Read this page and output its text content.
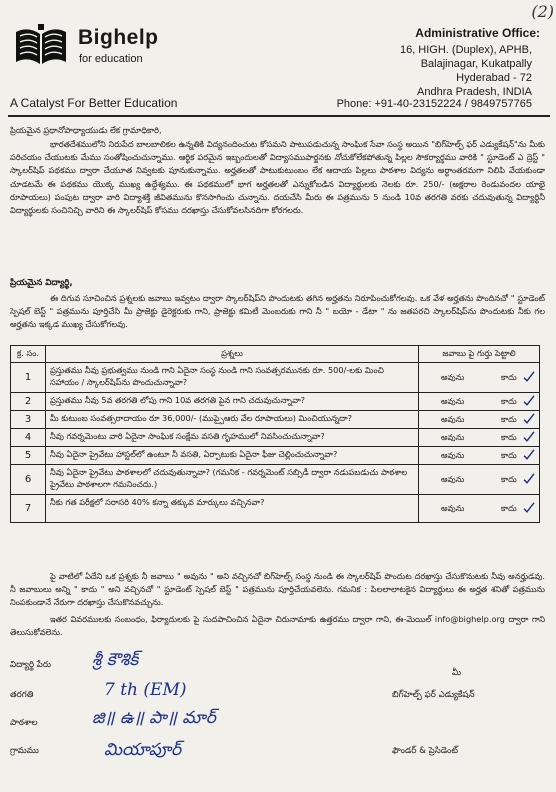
Bighelp
for education
A Catalyst For Better Education
(2)
Administrative Office:
16, HIGH. (Duplex), APHB,
Balajinagar, Kukatpally
Hyderabad - 72
Andhra Pradesh, INDIA
Phone: +91-40-23152224 / 9849757765
ప్రియమైన ప్రధానోపాధ్యాయుడు లేక గ్రామాధికారి,
భారతదేశములోని నిరుపేద బాలబాలికల ఉన్నతికి విద్యనందించుట కోసమని పాటుపడుచున్న సాంఘిక సేవా సంస్థ అయిన "బిగ్‌హెల్ప్ ఫర్ ఎడ్యుకేషన్"ను మీకు పరిచయం చేయుటకు మేము సంతోషించుచున్నాము. ఆర్థిక పరమైన ఇబ్బందులతో విద్యాసముపార్జనకు నోచుకోలేకపోతున్న పిల్లల సౌకర్యార్థము వారికి " స్టూడెంట్ ఎ ద్రెస్ట్ " స్కాలర్‌షిప్ పథకము ద్వారా చేయూత నివ్వటకు పూనుకున్నాము. అర్హతలతో పాటుకుటుంబం లేక ఆదాయ పిల్లలు పాఠశాల విద్యను అర్థాంతరమగా నిలిపి వేయకుండా చూడటమే ఈ పథకము యొక్క ముఖ్య ఉద్దేశ్యము. ఈ పథకములో భాగ అర్హతలతో ఎన్నుకోబడిన విద్యార్థులకు నెలకు రూ. 250/- (అక్షరాల రెండువందల యాభై రూపాయలు) పంపుట ద్వారా వారి విద్యాశక్తి జీవితమును కొనసాగించు చున్నాను. దయచేసి మీరు ఈ పత్రమును 5 నుండి 10వ తరగతి వరకు చదువుతున్న విద్యార్థినీ విద్యార్థులకు సంచినిచ్చి వారిని ఈ స్కాలర్‌షిప్ కోసము దరఖాస్తు చేసుకోవలసినదిగా కోరగలరు.
ప్రియమైన విద్యార్థి,
ఈ దిగువ సూచించిన ప్రశ్నలకు జవాబు ఇవ్వటం ద్వారా స్కాలర్‌షిప్‌ని పొందుటకు తగిన అర్హతను నిరూపించుకోగలవు. ఒక వేళ అర్హతను పొందినచో " స్టూడెంట్ స్పెషల్ బెస్ట్ " పత్రమును పూర్తిచేసి మీ ప్రాజెక్టు డైరెక్టరుకు గాని, ప్రాజెక్టు కమిటీ మెంబరుకు గాని నీ " బయో - డేటా " ను జతపరచి స్కాలర్‌షిప్‌ను పొందుటకు నీకు గల అర్హతను ఇక్కడ ముఖ్య చేసుకోగలవు.
క్ర. సం.	ప్రశ్నలు	జవాబు పై గుర్తు పెట్టాలి
1	ప్రస్తుతము నీవు ప్రభుత్వము నుండి గాని ఏదైనా సంస్థ నుండి గాని సంవత్సరమునకు రూ. 500/-లకు మించి సహాయం / స్కాలర్‌షిప్‌ను పొందుచున్నావా?	అవును కాదు

2	ప్రస్తుతము నీవు 5వ తరగతి లోపు గాని 10వ తరగతి పైన గాని చదువుచున్నావా?	అవును కాదు

3	మీ కుటుంబ సంవత్సరాదాయం రూ 36,000/- (ముప్పైఆరు వేల రూపాయలు) మించియున్నదా?	అవును కాదు

4	నీవు గవర్నమెంటు వారి ఏదైనా సాంఘిక సంక్షేమ వసతి గృహములో నివసించుచున్నావా?	అవును కాదు

5	నీవు ఏదైనా ప్రైవేటు హాస్టల్‌లో ఉంటూ నీ వసతి, ఏర్పాటుకు ఏదైనా ఫీజు చెల్లించుచున్నావా?	అవును కాదు

6	నీవు ఏదైనా ప్రైవేటు పాఠశాలలో చదువుతున్నావా? (గమనిక - గవర్నమెంట్ సబ్సిడీ ద్వారా నడుపబడుచు పాఠశాల ప్రైవేటు పాఠశాలగా గమనించదు.)	అవును కాదు

7	నీకు గత పరీక్షలో సరాసరి 40% కన్నా తక్కువ మార్కులు వచ్చినవా?	అవును కాదు
పై వాటిలో ఏదేని ఒక ప్రశ్నకు నీ జవాబు " అవును " అని వచ్చినచో బిగ్‌హెల్ప్ సంస్థ నుండి ఈ స్కాలర్‌షిప్ పొందుట దరఖాస్తు చేసుకొనుటకు నీవు అనర్హుడవు. నీ జవాబులు అన్ని " కాదు " అని వచ్చినచో " స్టూడెంట్ స్పెషల్ బెస్ట్ " పత్రమును పూర్తిచేయవలెను. గమనిక : పిలలాలాటకైన విద్యార్థులు ఈ అర్హత శనితో పత్రమును నింపకుండానే నేరుగా దరఖాస్తు చేసుకొనవచ్చును.
ఇతర వివరములకు సంబంధం, ఫిర్యాదులకు పై సుదపాచించిన ఏదైనా చిరునామాకు ఉత్తరము ద్వారా గాని, ఈ-మెయిల్ info@bighelp.org ద్వారా గాని తెలుసుకోవలెను.
విద్యార్థి పేరు శ్రీ కౌశిక్
తరగతి	7 th (EM)
పాఠశాల	జి॥ ఉ॥ పా॥ మార్
గ్రామము	మియాపూర్
మీ
బిగ్‌హెల్ప్ ఫర్ ఎడ్యుకేషన్
ఫౌండర్ & ప్రెసిడెంట్
